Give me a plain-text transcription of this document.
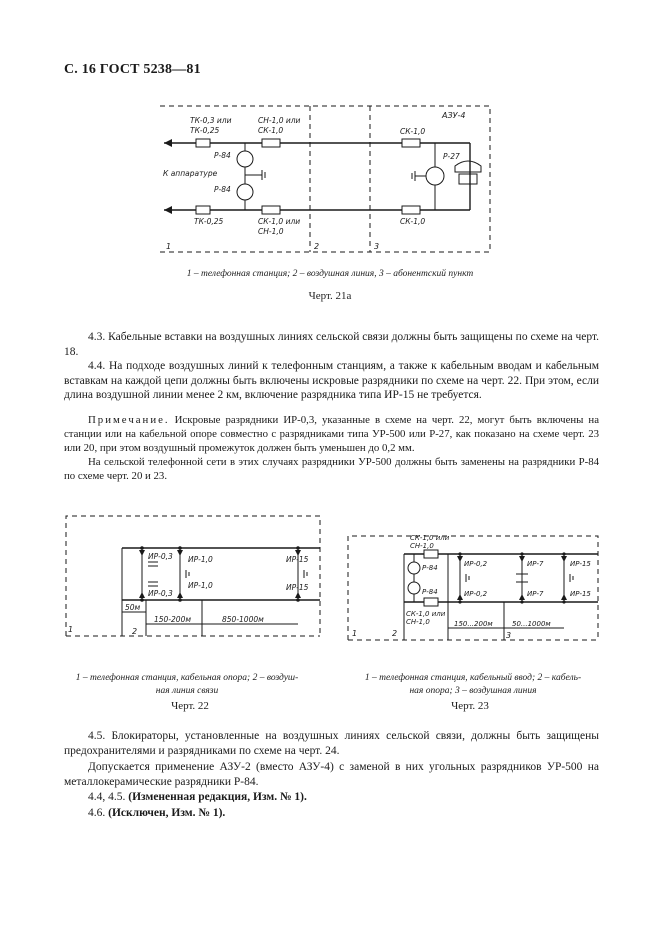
С. 16 ГОСТ 5238—81
АЗУ-4
ТК-0,3 или
ТК-0,25
СН-1,0 или
СК-1,0	СК-1,0
Р-84
Р-84
Р-27
К аппаратуре
ТК-0,25	СК-1,0 или
СН-1,0
СК-1,0
1	2	3
1 – телефонная станция; 2 – воздушная линия, 3 – абонентский пункт
Черт. 21а
4.3. Кабельные вставки на воздушных линиях сельской связи должны быть защищены по схеме на черт. 18.
4.4. На подходе воздушных линий к телефонным станциям, а также к кабельным вводам и кабельным вставкам на каждой цепи должны быть включены искровые разрядники по схеме на черт. 22. При этом, если длина воздушной линии менее 2 км, включение разрядника типа ИР-15 не требуется.
Примечание. Искровые разрядники ИР-0,3, указанные в схеме на черт. 22, могут быть включены на станции или на кабельной опоре совместно с разрядниками типа УР-500 или Р-27, как показано на схеме черт. 23 или 20, при этом воздушный промежуток должен быть уменьшен до 0,2 мм.
На сельской телефонной сети в этих случаях разрядники УР-500 должны быть заменены на разрядники Р-84 по схеме черт. 20 и 23.
ИР-0,3
ИР-0,3
ИР-1,0
ИР-1,0
ИР-15
ИР-15
50м
150-200м	850-1000м
1	2
1 – телефонная станция, кабельная опора; 2 – воздуш-
ная линия связи
Черт. 22
СК-1,0 или
СН-1,0
Р-84
Р-84
ИР-0,2
ИР-0,2
ИР-7
ИР-7
ИР-15
ИР-15
СК-1,0 или
СН-1,0	150...200м	50...1000м
1	2	3
1 – телефонная станция, кабельный ввод; 2 – кабель-
ная опора; 3 – воздушная линия
Черт. 23
4.5. Блокираторы, установленные на воздушных линиях сельской связи, должны быть защищены предохранителями и разрядниками по схеме на черт. 24.
Допускается применение АЗУ-2 (вместо АЗУ-4) с заменой в них угольных разрядников УР-500 на металлокерамические разрядники Р-84.
4.4, 4.5. (Измененная редакция, Изм. № 1).
4.6. (Исключен, Изм. № 1).
